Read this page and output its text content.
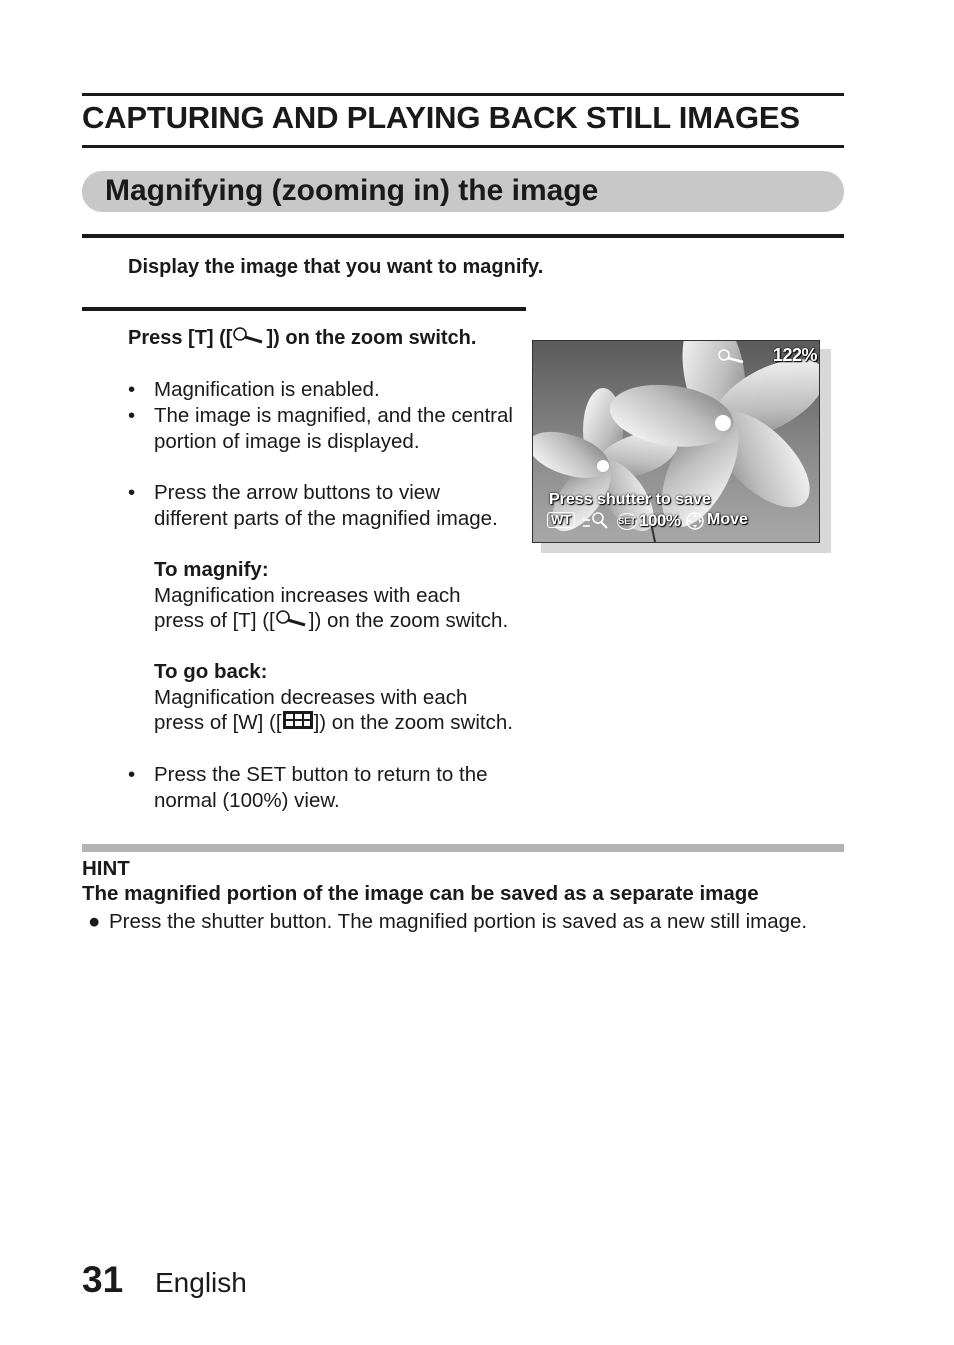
CAPTURING AND PLAYING BACK STILL IMAGES
Magnifying (zooming in) the image
Display the image that you want to magnify.
Press [T] ([ ]) on the zoom switch.
• Magnification is enabled.
• The image is magnified, and the central portion of image is displayed.
• Press the arrow buttons to view different parts of the magnified image.
To magnify:
Magnification increases with each press of [T] ([ ]) on the zoom switch.
To go back:
Magnification decreases with each press of [W] ([ ]) on the zoom switch.
• Press the SET button to return to the normal (100%) view.
122%
Press shutter to save
WT	SET 100% Move
HINT
The magnified portion of the image can be saved as a separate image
● Press the shutter button. The magnified portion is saved as a new still image.
31 English
